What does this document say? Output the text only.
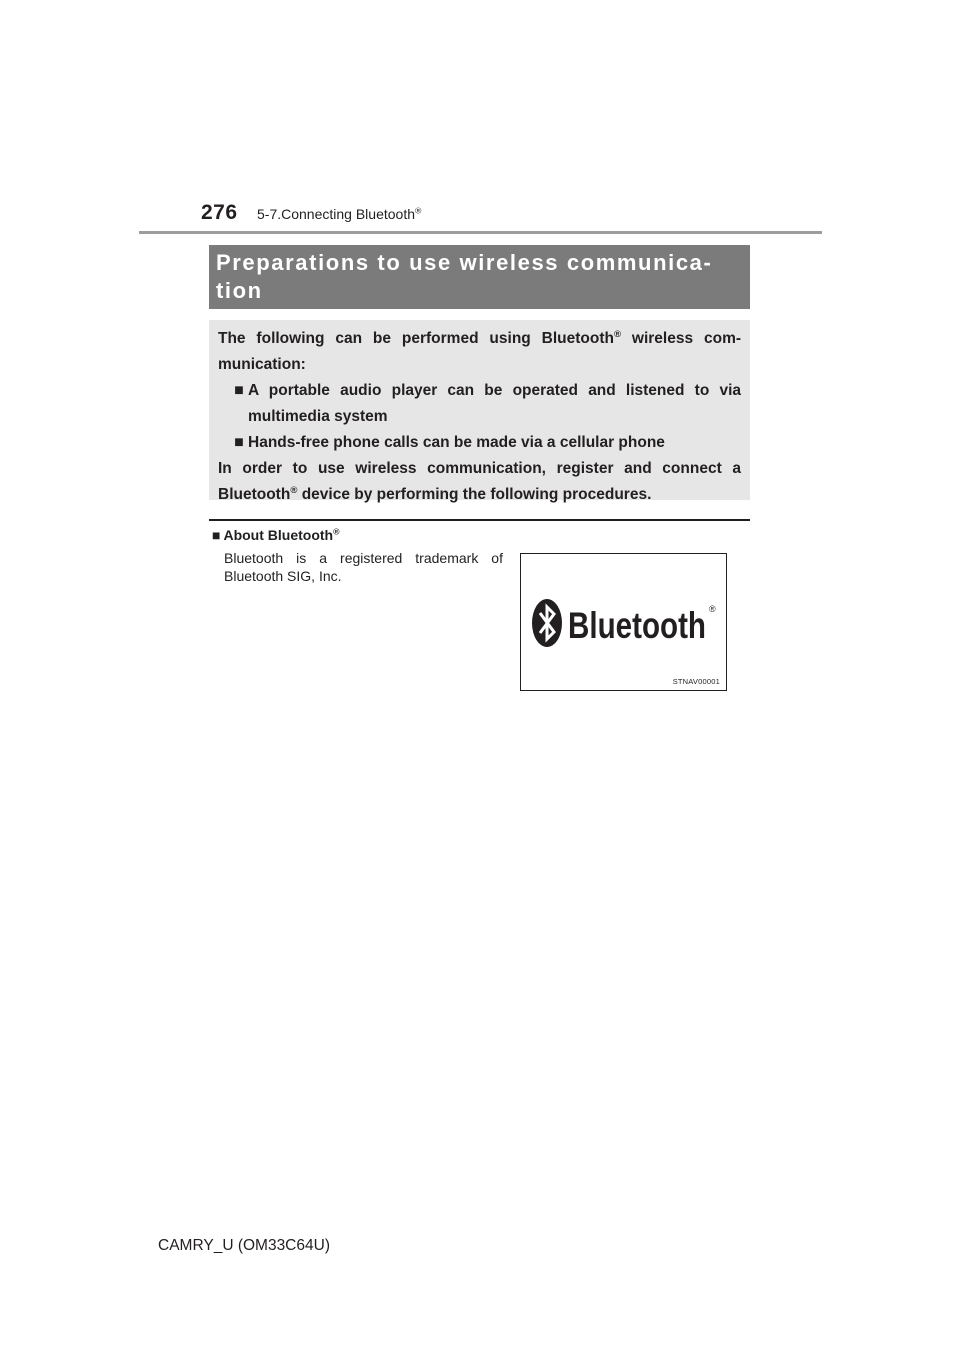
276 5-7.Connecting Bluetooth®
Preparations to use wireless communica-tion

The following can be performed using Bluetooth® wireless com-munication:

■ A portable audio player can be operated and listened to via multimedia system
■ Hands-free phone calls can be made via a cellular phone

In order to use wireless communication, register and connect a Bluetooth® device by performing the following procedures.

■ About Bluetooth®
Bluetooth is a registered trademark of Bluetooth SIG, Inc.
Bluetooth ®
STNAV00001
CAMRY_U (OM33C64U)
